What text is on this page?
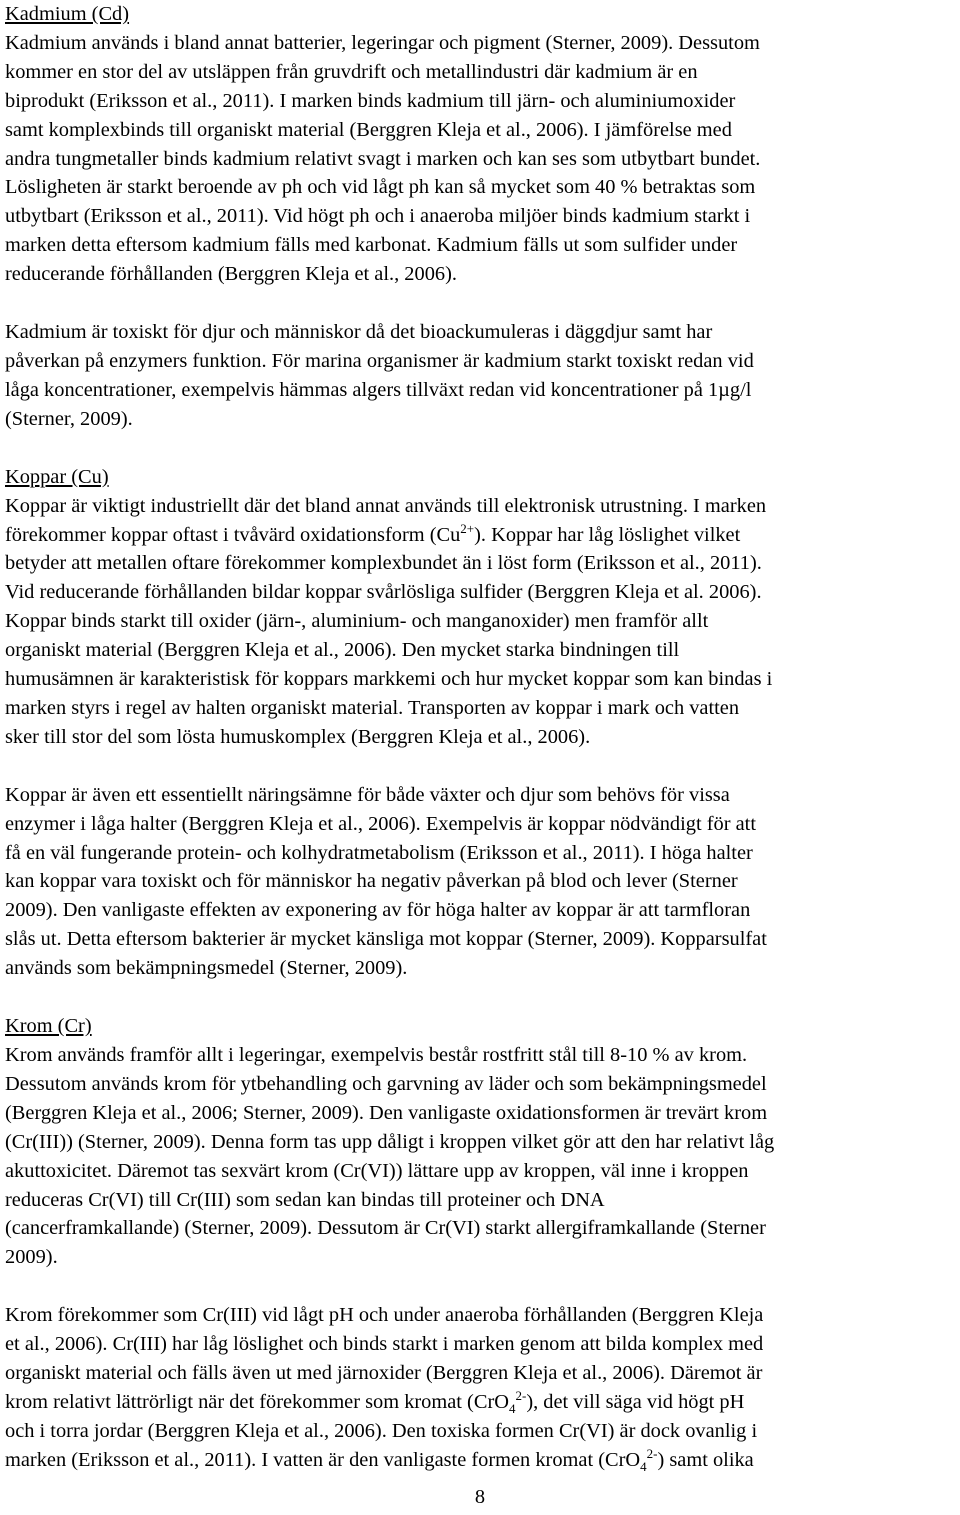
Kadmium (Cd)
Kadmium används i bland annat batterier, legeringar och pigment (Sterner, 2009). Dessutom
kommer en stor del av utsläppen från gruvdrift och metallindustri där kadmium är en
biprodukt (Eriksson et al., 2011). I marken binds kadmium till järn- och aluminiumoxider
samt komplexbinds till organiskt material (Berggren Kleja et al., 2006). I jämförelse med
andra tungmetaller binds kadmium relativt svagt i marken och kan ses som utbytbart bundet.
Lösligheten är starkt beroende av ph och vid lågt ph kan så mycket som 40 % betraktas som
utbytbart (Eriksson et al., 2011). Vid högt ph och i anaeroba miljöer binds kadmium starkt i
marken detta eftersom kadmium fälls med karbonat. Kadmium fälls ut som sulfider under
reducerande förhållanden (Berggren Kleja et al., 2006).
Kadmium är toxiskt för djur och människor då det bioackumuleras i däggdjur samt har
påverkan på enzymers funktion. För marina organismer är kadmium starkt toxiskt redan vid
låga koncentrationer, exempelvis hämmas algers tillväxt redan vid koncentrationer på 1µg/l
(Sterner, 2009).
Koppar (Cu)
Koppar är viktigt industriellt där det bland annat används till elektronisk utrustning. I marken
förekommer koppar oftast i tvåvärd oxidationsform $(Cu^{2+})$. Koppar har låg löslighet vilket
betyder att metallen oftare förekommer komplexbundet än i löst form (Eriksson et al., 2011).
Vid reducerande förhållanden bildar koppar svårlösliga sulfider (Berggren Kleja et al. 2006).
Koppar binds starkt till oxider (järn-, aluminium- och manganoxider) men framför allt
organiskt material (Berggren Kleja et al., 2006). Den mycket starka bindningen till
humusämnen är karakteristisk för koppars markkemi och hur mycket koppar som kan bindas i
marken styrs i regel av halten organiskt material. Transporten av koppar i mark och vatten
sker till stor del som lösta humuskomplex (Berggren Kleja et al., 2006).
Koppar är även ett essentiellt näringsämne för både växter och djur som behövs för vissa
enzymer i låga halter (Berggren Kleja et al., 2006). Exempelvis är koppar nödvändigt för att
få en väl fungerande protein- och kolhydratmetabolism (Eriksson et al., 2011). I höga halter
kan koppar vara toxiskt och för människor ha negativ påverkan på blod och lever (Sterner
2009). Den vanligaste effekten av exponering av för höga halter av koppar är att tarmfloran
slås ut. Detta eftersom bakterier är mycket känsliga mot koppar (Sterner, 2009). Kopparsulfat
används som bekämpningsmedel (Sterner, 2009).
Krom (Cr)
Krom används framför allt i legeringar, exempelvis består rostfritt stål till 8-10 % av krom.
Dessutom används krom för ytbehandling och garvning av läder och som bekämpningsmedel
(Berggren Kleja et al., 2006; Sterner, 2009). Den vanligaste oxidationsformen är trevärt krom
(Cr(III)) (Sterner, 2009). Denna form tas upp dåligt i kroppen vilket gör att den har relativt låg
akuttoxicitet. Däremot tas sexvärt krom (Cr(VI)) lättare upp av kroppen, väl inne i kroppen
reduceras Cr(VI) till Cr(III) som sedan kan bindas till proteiner och DNA
(cancerframkallande) (Sterner, 2009). Dessutom är Cr(VI) starkt allergiframkallande (Sterner
2009).
Krom förekommer som Cr(III) vid lågt pH och under anaeroba förhållanden (Berggren Kleja
et al., 2006). Cr(III) har låg löslighet och binds starkt i marken genom att bilda komplex med
organiskt material och fälls även ut med järnoxider (Berggren Kleja et al., 2006). Däremot är
krom relativt lättrörligt när det förekommer som kromat (CrO$_4^{2-}$), det vill säga vid högt pH
och i torra jordar (Berggren Kleja et al., 2006). Den toxiska formen Cr(VI) är dock ovanlig i
marken (Eriksson et al., 2011). I vatten är den vanligaste formen kromat (CrO$_4^{2-}$) samt olika
8
